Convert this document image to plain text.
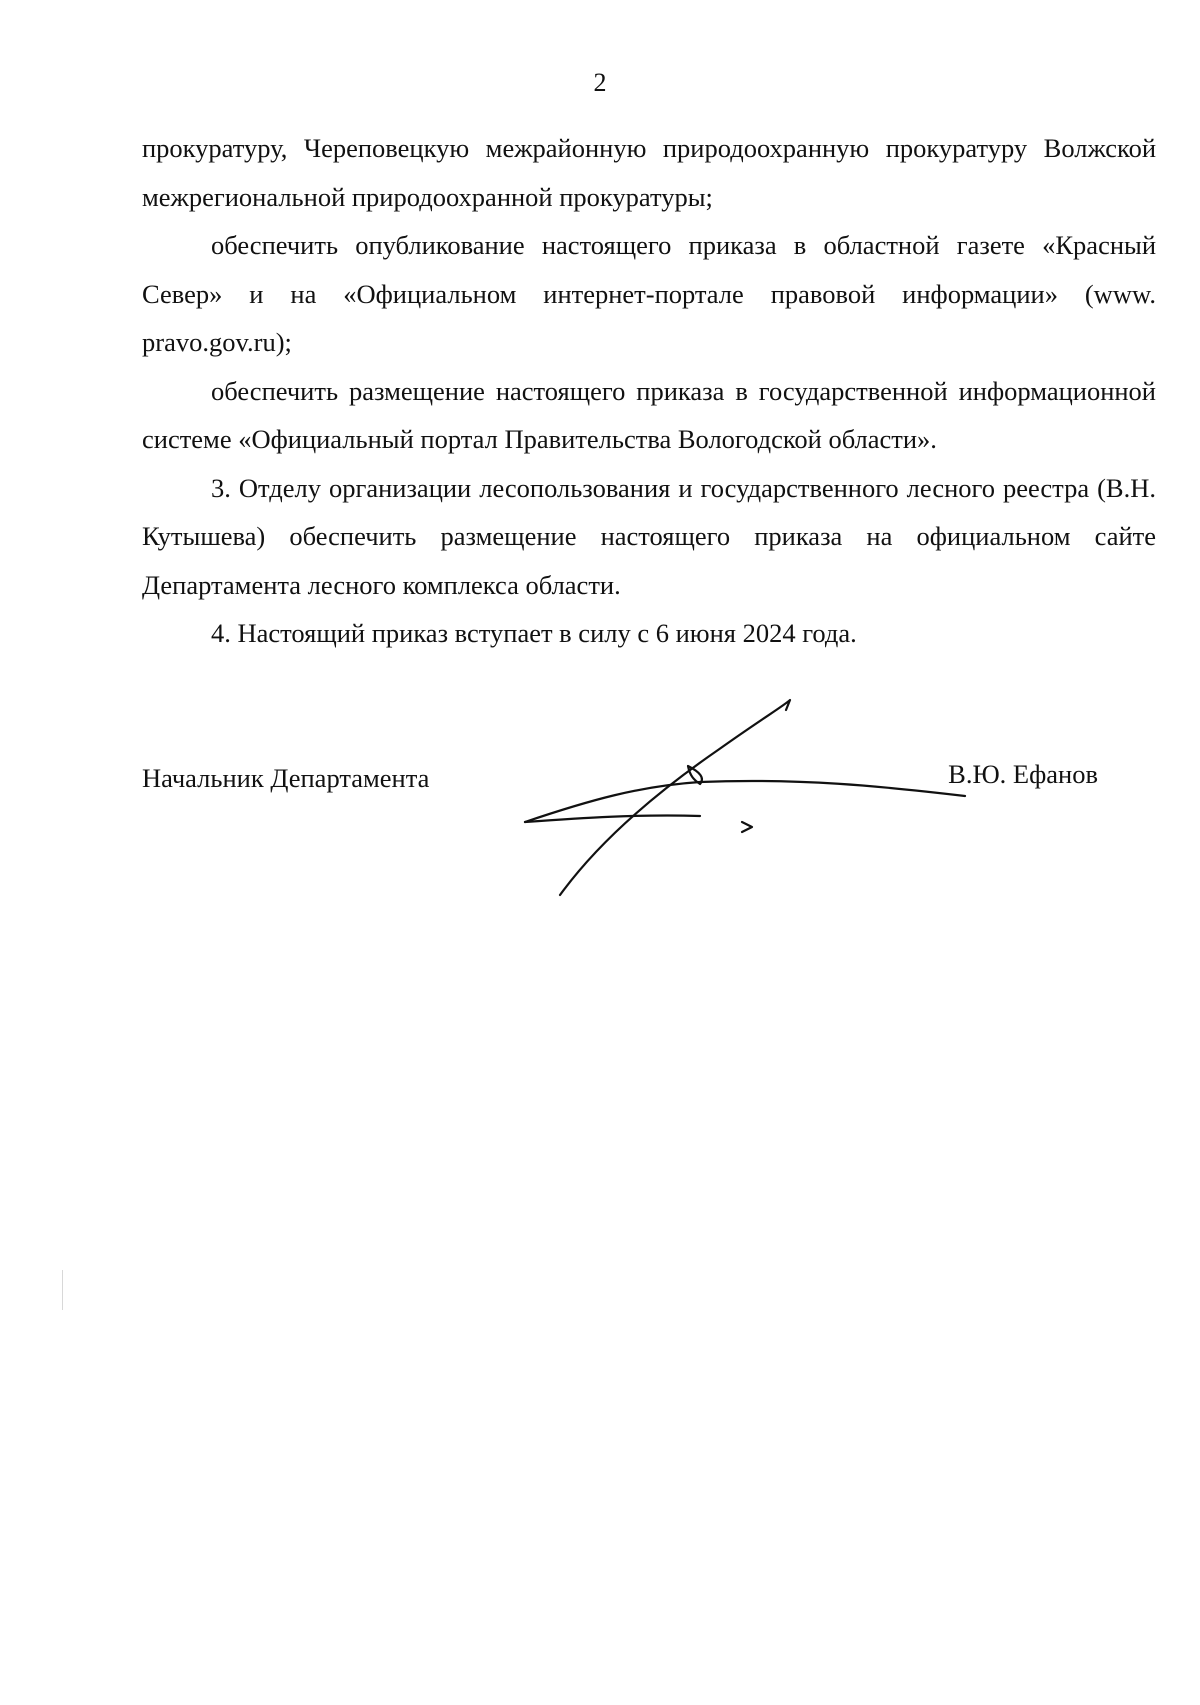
2

прокуратуру, Череповецкую межрайонную природоохранную прокуратуру Волжской межрегиональной природоохранной прокуратуры;

обеспечить опубликование настоящего приказа в областной газете «Красный Север» и на «Официальном интернет-портале правовой информации» (www. pravo.gov.ru);

обеспечить размещение настоящего приказа в государственной информационной системе «Официальный портал Правительства Вологодской области».

3. Отделу организации лесопользования и государственного лесного реестра (В.Н. Кутышева) обеспечить размещение настоящего приказа на официальном сайте Департамента лесного комплекса области.

4. Настоящий приказ вступает в силу с 6 июня 2024 года.

Начальник Департамента	В.Ю. Ефанов
